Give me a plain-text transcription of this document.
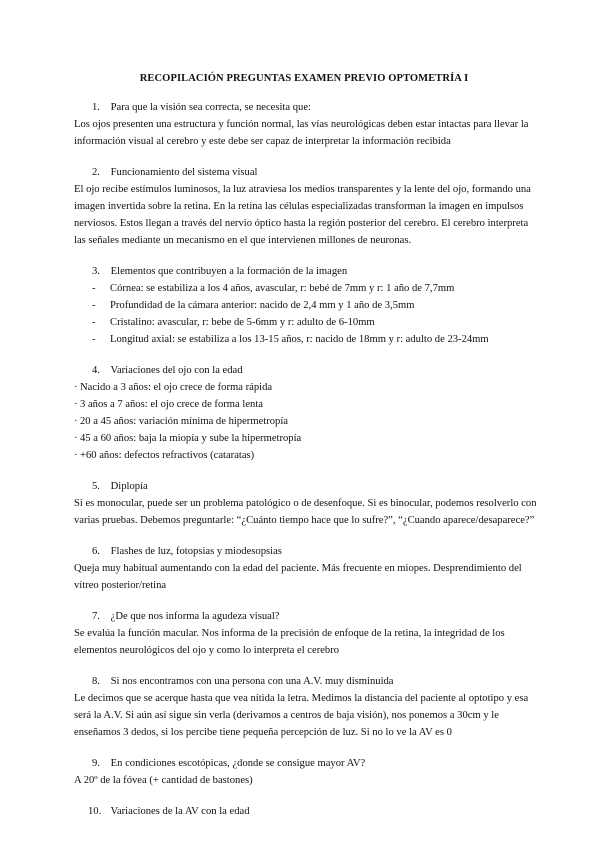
RECOPILACIÓN PREGUNTAS EXAMEN PREVIO OPTOMETRÍA I
1. Para que la visión sea correcta, se necesita que:

Los ojos presenten una estructura y función normal, las vías neurológicas deben estar intactas para llevar la información visual al cerebro y este debe ser capaz de interpretar la información recibida

2. Funcionamiento del sistema visual

El ojo recibe estímulos luminosos, la luz atraviesa los medios transparentes y la lente del ojo, formando una imagen invertida sobre la retina. En la retina las células especializadas transforman la imagen en impulsos nerviosos. Estos llegan a través del nervio óptico hasta la región posterior del cerebro. El cerebro interpreta las señales mediante un mecanismo en el que intervienen millones de neuronas.

3. Elementos que contribuyen a la formación de la imagen
- Córnea: se estabiliza a los 4 años, avascular, r: bebé de 7mm y r: 1 año de 7,7mm
- Profundidad de la cámara anterior: nacido de 2,4 mm y 1 año de 3,5mm
- Cristalino: avascular, r: bebe de 5-6mm y r: adulto de 6-10mm
- Longitud axial: se estabiliza a los 13-15 años, r: nacido de 18mm y r: adulto de 23-24mm
4. Variaciones del ojo con la edad
· Nacido a 3 años: el ojo crece de forma rápida
· 3 años a 7 años: el ojo crece de forma lenta
· 20 a 45 años: variación mínima de hipermetropía
· 45 a 60 años: baja la miopía y sube la hipermetropía
· +60 años: defectos refractivos (cataratas)
5. Diplopía

Si es monocular, puede ser un problema patológico o de desenfoque. Si es binocular, podemos resolverlo con varias pruebas. Debemos preguntarle: “¿Cuánto tiempo hace que lo sufre?”, “¿Cuando aparece/desaparece?”

6. Flashes de luz, fotopsias y miodesopsias

Queja muy habitual aumentando con la edad del paciente. Más frecuente en miopes. Desprendimiento del vítreo posterior/retina

7. ¿De que nos informa la agudeza visual?

Se evalúa la función macular. Nos informa de la precisión de enfoque de la retina, la integridad de los elementos neurológicos del ojo y como lo interpreta el cerebro

8. Si nos encontramos con una persona con una A.V. muy disminuida

Le decimos que se acerque hasta que vea nítida la letra. Medimos la distancia del paciente al optotipo y esa será la A.V. Si aún así sigue sin verla (derivamos a centros de baja visión), nos ponemos a 30cm y le enseñamos 3 dedos, si los percibe tiene pequeña percepción de luz. Si no lo ve la AV es 0

9. En condiciones escotópicas, ¿donde se consigue mayor AV?

A 20º de la fóvea (+ cantidad de bastones)

10. Variaciones de la AV con la edad
